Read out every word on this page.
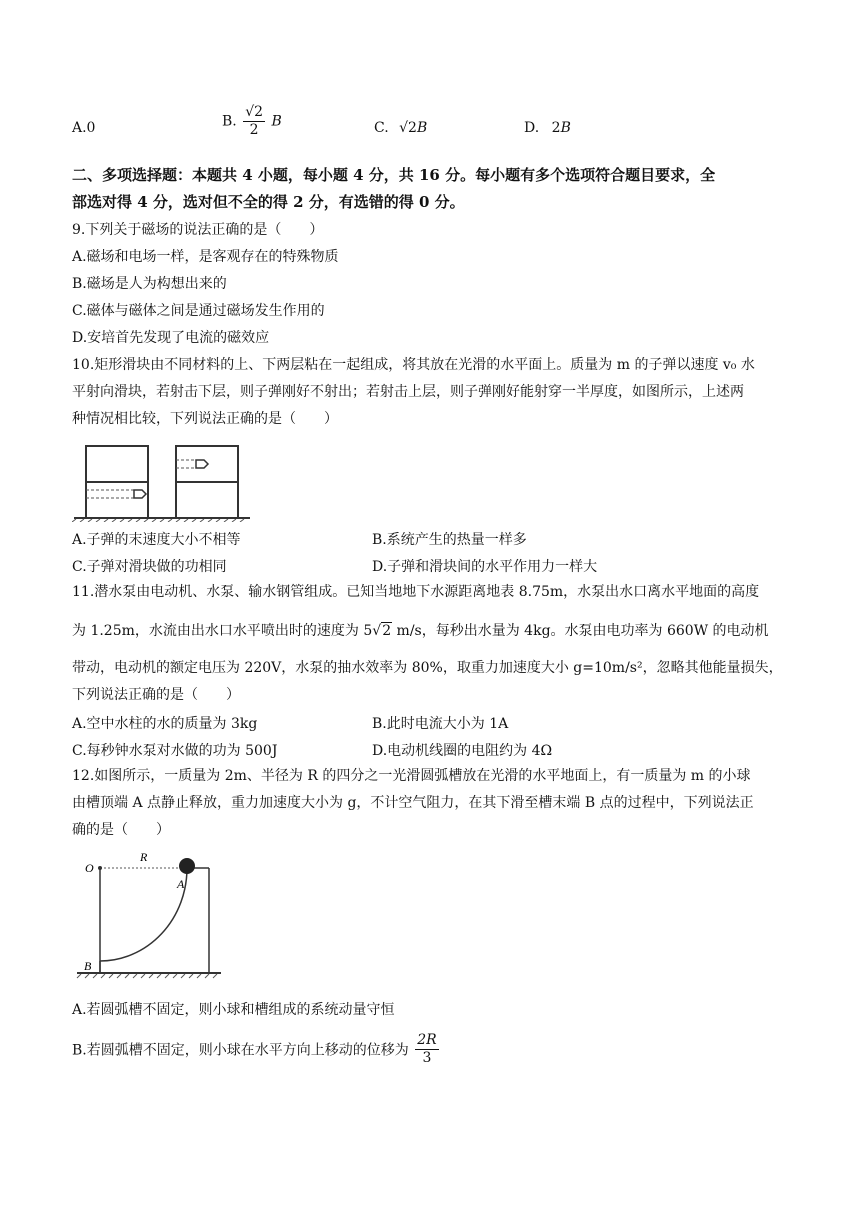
A.0	B. $\frac{√2}{2}$ B	C. √2B	D. 2B
二、多项选择题：本题共 4 小题，每小题 4 分，共 16 分。每小题有多个选项符合题目要求，全
部选对得 4 分，选对但不全的得 2 分，有选错的得 0 分。
9.下列关于磁场的说法正确的是（　　）
A.磁场和电场一样，是客观存在的特殊物质
B.磁场是人为构想出来的
C.磁体与磁体之间是通过磁场发生作用的
D.安培首先发现了电流的磁效应
10.矩形滑块由不同材料的上、下两层粘在一起组成，将其放在光滑的水平面上。质量为 m 的子弹以速度 v₀ 水
平射向滑块，若射击下层，则子弹刚好不射出；若射击上层，则子弹刚好能射穿一半厚度，如图所示，上述两
种情况相比较，下列说法正确的是（　　）
A.子弹的末速度大小不相等	B.系统产生的热量一样多
C.子弹对滑块做的功相同	D.子弹和滑块间的水平作用力一样大
11.潜水泵由电动机、水泵、输水钢管组成。已知当地地下水源距离地表 8.75m，水泵出水口离水平地面的高度
为 1.25m，水流由出水口水平喷出时的速度为 5√2 m/s，每秒出水量为 4kg。水泵由电功率为 660W 的电动机
带动，电动机的额定电压为 220V，水泵的抽水效率为 80%，取重力加速度大小 g=10m/s²，忽略其他能量损失，
下列说法正确的是（　　）
A.空中水柱的水的质量为 3kg	B.此时电流大小为 1A
C.每秒钟水泵对水做的功为 500J	D.电动机线圈的电阻约为 4Ω
12.如图所示，一质量为 2m、半径为 R 的四分之一光滑圆弧槽放在光滑的水平地面上，有一质量为 m 的小球
由槽顶端 A 点静止释放，重力加速度大小为 g，不计空气阻力，在其下滑至槽末端 B 点的过程中，下列说法正
确的是（　　）
O
R
A
B
A.若圆弧槽不固定，则小球和槽组成的系统动量守恒
B.若圆弧槽不固定，则小球在水平方向上移动的位移为 $\frac{2R}{3}$
